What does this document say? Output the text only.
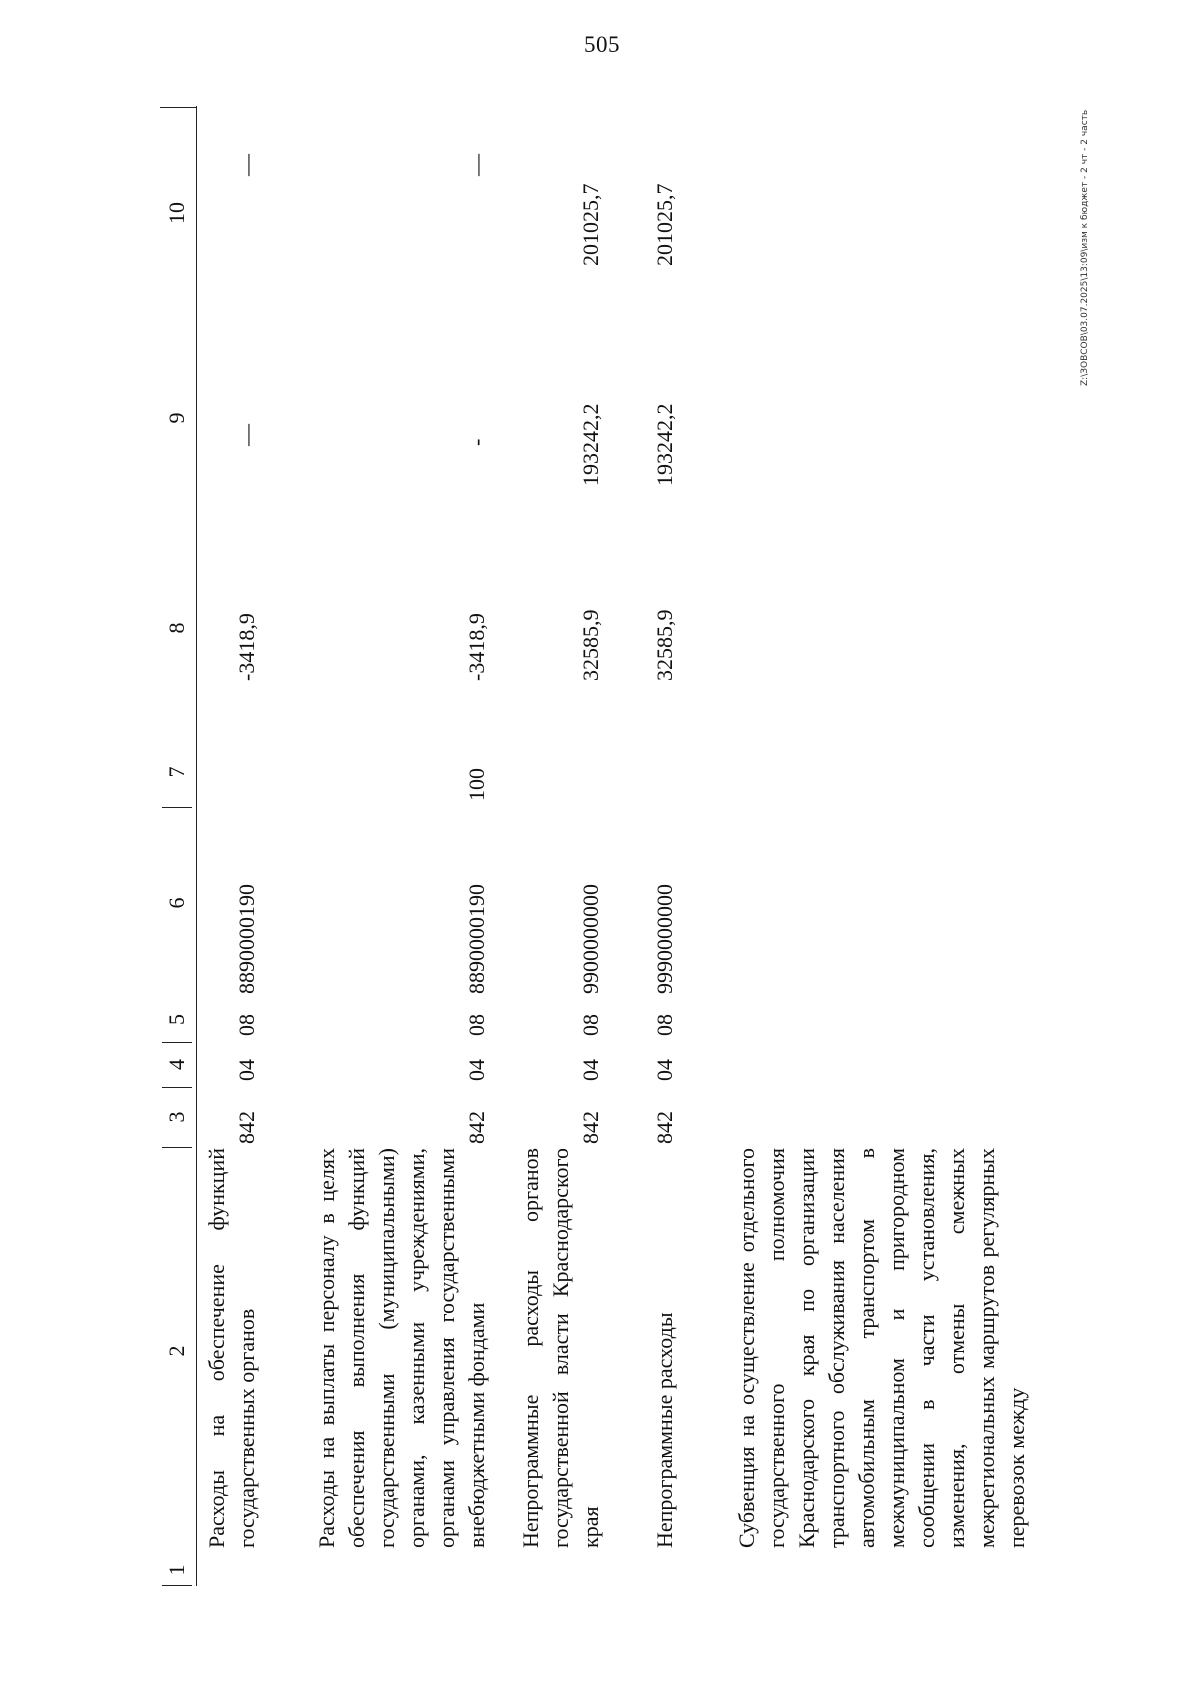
505
1
2
3
4
5
6
7
8
9
10
Расходы на обеспечение функций государственных органов
842
04
08
8890000190
-3418,9
—
—
Расходы на выплаты персоналу в целях обеспечения выполнения функций государственными (муниципальными) органами, казенными учреждениями, органами управления государственными внебюджетными фондами
842
04
08
8890000190
100
-3418,9
-
—
Непрограммные расходы органов государственной власти Краснодарского края
842
04
08
9900000000
32585,9
193242,2
201025,7
Непрограммные расходы
842
04
08
9990000000
32585,9
193242,2
201025,7
Субвенция на осуществление отдельного государственного полномочия Краснодарского края по организации транспортного обслуживания населения автомобильным транспортом в межмуниципальном и пригородном сообщении в части установления, изменения, отмены смежных межрегиональных маршрутов регулярных перевозок между
Z:\ЗОВСОВ\03.07.2025\13:09\изм к бюджет - 2 чт - 2 часть
